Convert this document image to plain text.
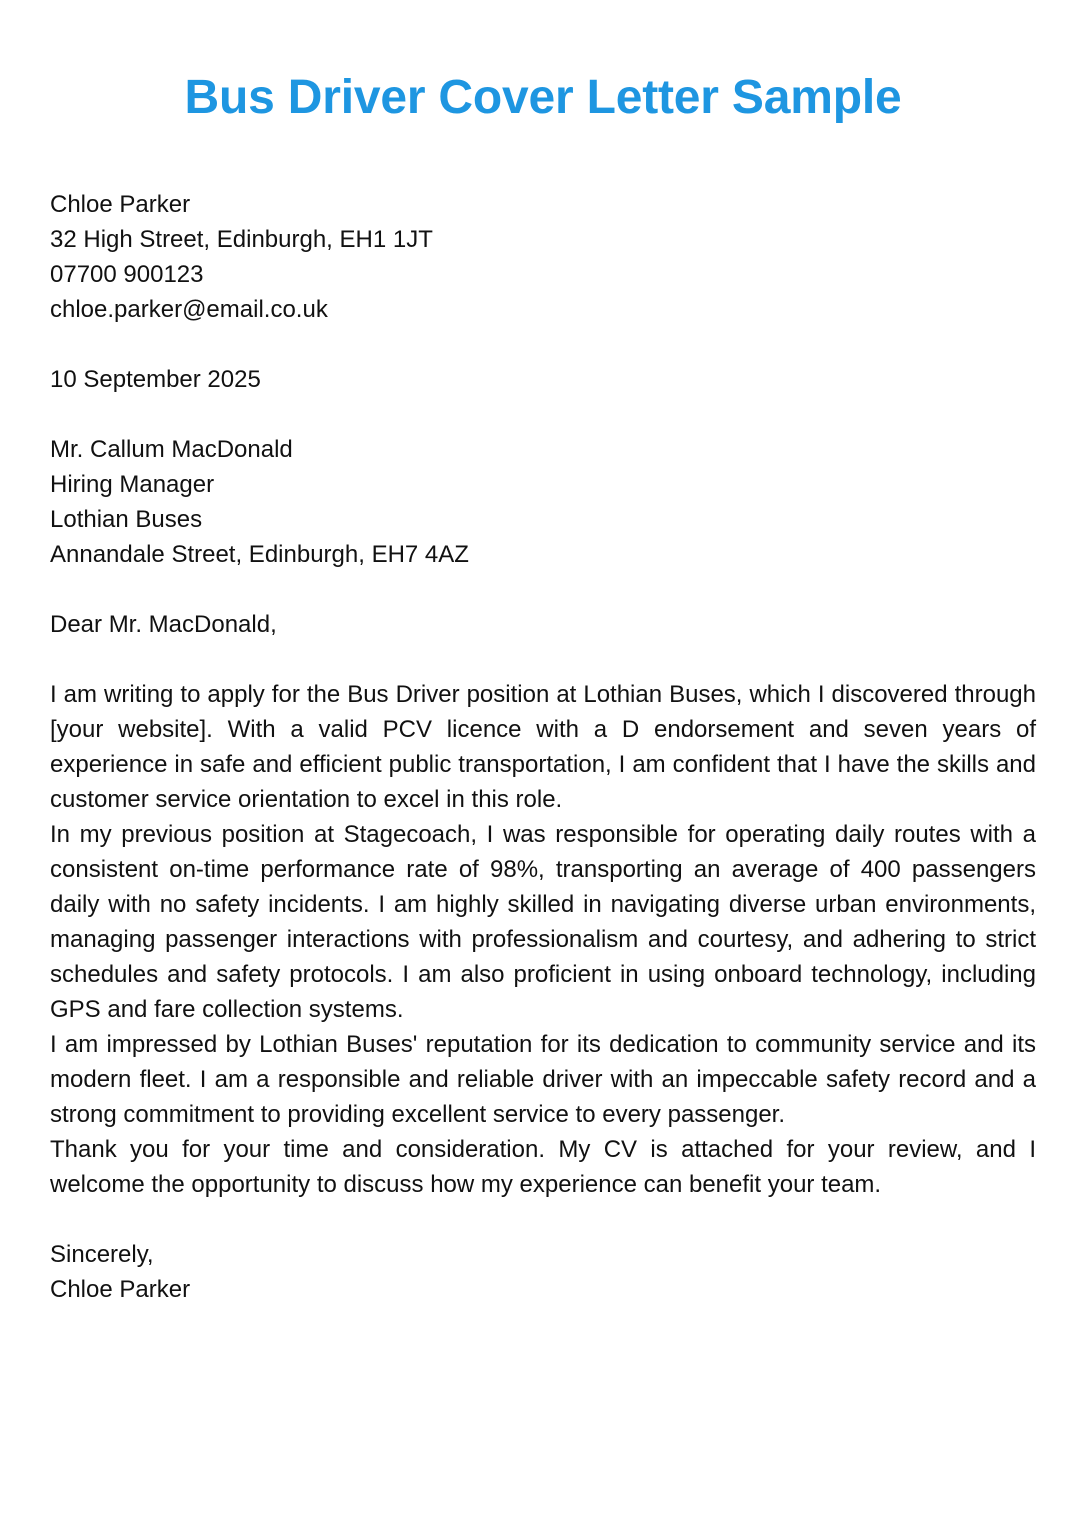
Bus Driver Cover Letter Sample
Chloe Parker
32 High Street, Edinburgh, EH1 1JT
07700 900123
chloe.parker@email.co.uk
10 September 2025
Mr. Callum MacDonald
Hiring Manager
Lothian Buses
Annandale Street, Edinburgh, EH7 4AZ
Dear Mr. MacDonald,

I am writing to apply for the Bus Driver position at Lothian Buses, which I discovered through [your website]. With a valid PCV licence with a D endorsement and seven years of experience in safe and efficient public transportation, I am confident that I have the skills and customer service orientation to excel in this role.

In my previous position at Stagecoach, I was responsible for operating daily routes with a consistent on-time performance rate of 98%, transporting an average of 400 passengers daily with no safety incidents. I am highly skilled in navigating diverse urban environments, managing passenger interactions with professionalism and courtesy, and adhering to strict schedules and safety protocols. I am also proficient in using onboard technology, including GPS and fare collection systems.

I am impressed by Lothian Buses' reputation for its dedication to community service and its modern fleet. I am a responsible and reliable driver with an impeccable safety record and a strong commitment to providing excellent service to every passenger.

Thank you for your time and consideration. My CV is attached for your review, and I welcome the opportunity to discuss how my experience can benefit your team.

Sincerely,
Chloe Parker
